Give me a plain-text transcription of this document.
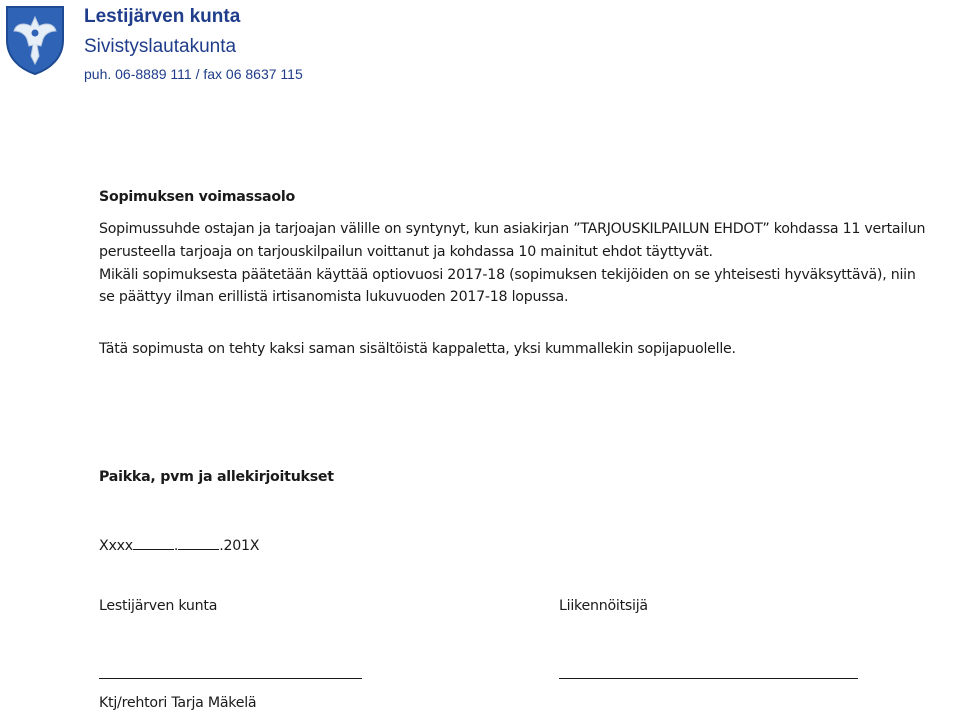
Lestijärven kunta
Sivistyslautakunta
puh. 06-8889 111 / fax 06 8637 115
Sopimuksen voimassaolo
Sopimussuhde ostajan ja tarjoajan välille on syntynyt, kun asiakirjan ”TARJOUSKILPAILUN EHDOT” kohdassa 11 vertailun
perusteella tarjoaja on tarjouskilpailun voittanut ja kohdassa 10 mainitut ehdot täyttyvät.
Mikäli sopimuksesta päätetään käyttää optiovuosi 2017-18 (sopimuksen tekijöiden on se yhteisesti hyväksyttävä), niin
se päättyy ilman erillistä irtisanomista lukuvuoden 2017-18 lopussa.
Tätä sopimusta on tehty kaksi saman sisältöistä kappaletta, yksi kummallekin sopijapuolelle.
Paikka, pvm ja allekirjoitukset
Xxxx	.	.201X
Lestijärven kunta	Liikennöitsijä
Ktj/rehtori Tarja Mäkelä
